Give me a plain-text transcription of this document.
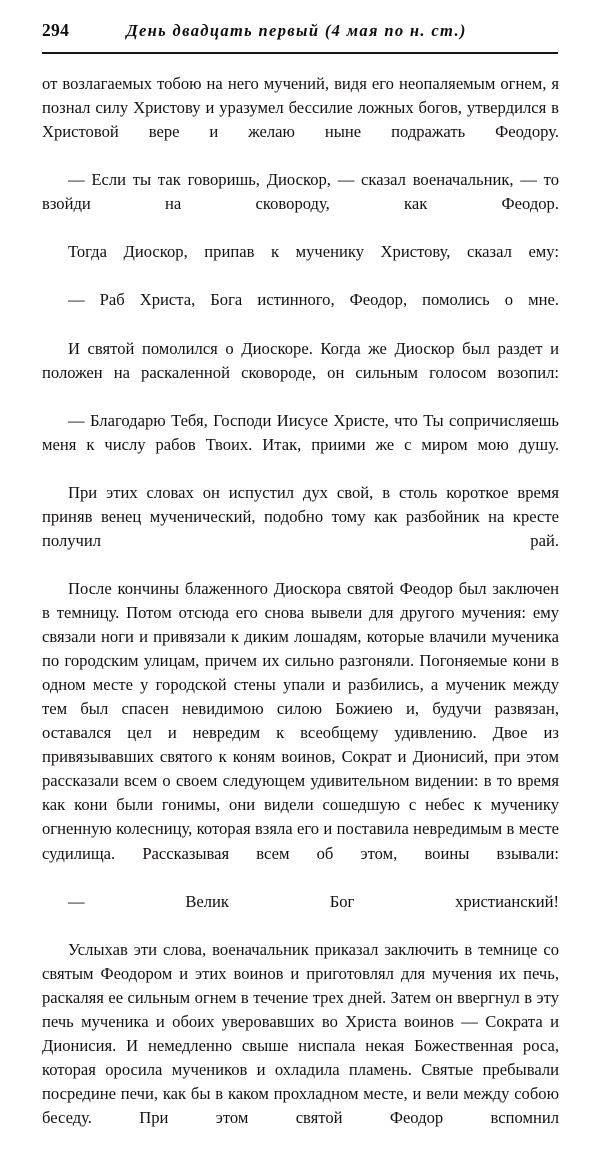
294	День двадцать первый (4 мая по н. ст.)

от возлагаемых тобою на него мучений, видя его неопаляемым огнем, я познал силу Христову и уразумел бессилие ложных богов, утвердился в Христовой вере и желаю ныне подражать Феодору.

— Если ты так говоришь, Диоскор, — сказал военачальник, — то взойди на сковороду, как Феодор.

Тогда Диоскор, припав к мученику Христову, сказал ему:

— Раб Христа, Бога истинного, Феодор, помолись о мне.

И святой помолился о Диоскоре. Когда же Диоскор был раздет и положен на раскаленной сковороде, он сильным голосом возопил:

— Благодарю Тебя, Господи Иисусе Христе, что Ты сопричисляешь меня к числу рабов Твоих. Итак, приими же с миром мою душу.

При этих словах он испустил дух свой, в столь короткое время приняв венец мученический, подобно тому как разбойник на кресте получил рай.

После кончины блаженного Диоскора святой Феодор был заключен в темницу. Потом отсюда его снова вывели для другого мучения: ему связали ноги и привязали к диким лошадям, которые влачили мученика по городским улицам, причем их сильно разгоняли. Погоняемые кони в одном месте у городской стены упали и разбились, а мученик между тем был спасен невидимою силою Божиею и, будучи развязан, оставался цел и невредим к всеобщему удивлению. Двое из привязывавших святого к коням воинов, Сократ и Дионисий, при этом рассказали всем о своем следующем удивительном видении: в то время как кони были гонимы, они видели сошедшую с небес к мученику огненную колесницу, которая взяла его и поставила невредимым в месте судилища. Рассказывая всем об этом, воины взывали:

— Велик Бог христианский!

Услыхав эти слова, военачальник приказал заключить в темнице со святым Феодором и этих воинов и приготовлял для мучения их печь, раскаляя ее сильным огнем в течение трех дней. Затем он ввергнул в эту печь мученика и обоих уверовавших во Христа воинов — Сократа и Дионисия. И немедленно свыше ниспала некая Божественная роса, которая оросила мучеников и охладила пламень. Святые пребывали посредине печи, как бы в каком прохладном месте, и вели между собою беседу. При этом святой Феодор вспомнил
